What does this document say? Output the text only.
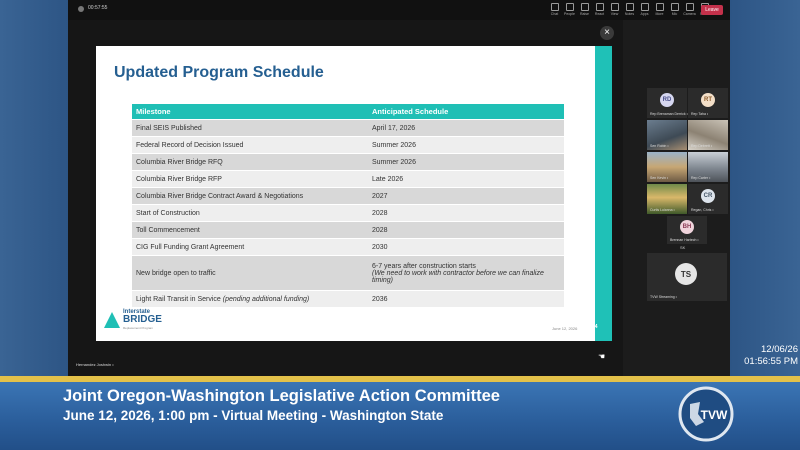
00:57:55
Chat People Raise React View Notes Apps More Mic Camera
Leave
Hernandez Joshwin •
RD
Rep Brenaman Derrick •
RT
Rep Taha •
Sen Robin •	Rep Debrett •
Sen Kevin •	Rep Carter •
Curtis Luianna •
CR
Regan, Chris •
BH
Brennan Hartech •
SK
TS
TVW Streaming •
×
☚
Updated Program Schedule
Milestone	Anticipated Schedule
Final SEIS Published	April 17, 2026
Federal Record of Decision Issued	Summer 2026
Columbia River Bridge RFQ	Summer 2026
Columbia River Bridge RFP	Late 2026
Columbia River Bridge Contract Award & Negotiations	2027
Start of Construction	2028
Toll Commencement	2028
CIG Full Funding Grant Agreement	2030
New bridge open to traffic	6-7 years after construction starts
(We need to work with contractor before we can finalize timing)
Light Rail Transit in Service (pending additional funding)	2036
Interstate
BRIDGE
Replacement Program	June 12, 2026	34
12/06/26
01:56:55 PM
Joint Oregon-Washington Legislative Action Committee
June 12, 2026, 1:00 pm - Virtual Meeting - Washington State	TVW
